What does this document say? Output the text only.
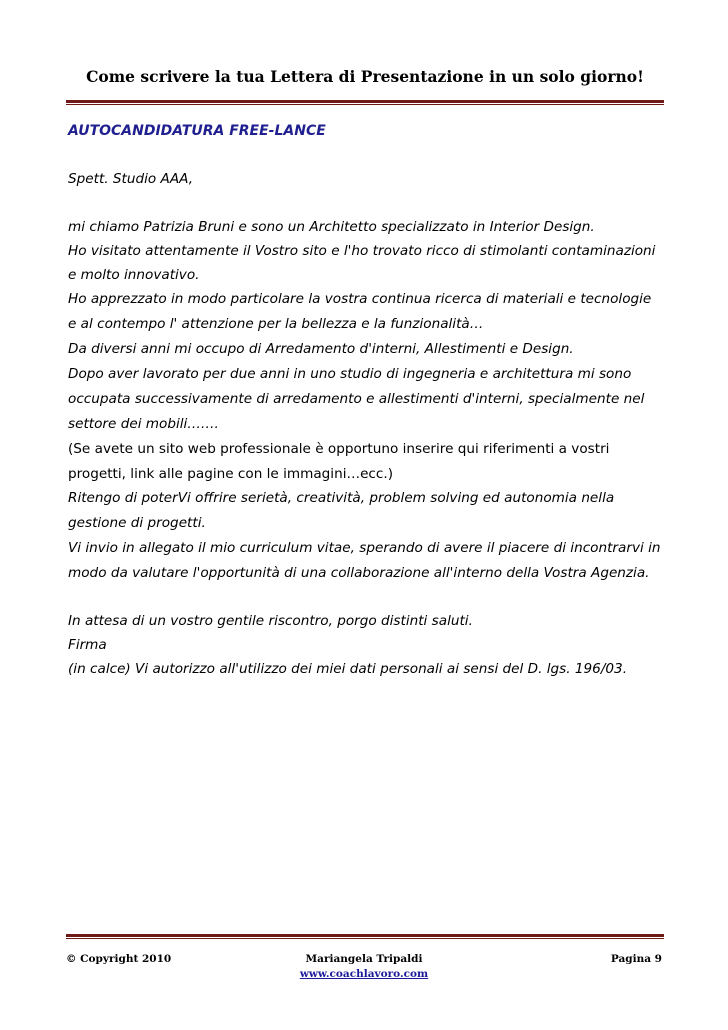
Come scrivere la tua Lettera di Presentazione in un solo giorno!
AUTOCANDIDATURA FREE-LANCE
Spett. Studio AAA,
mi chiamo Patrizia Bruni e sono un Architetto specializzato in Interior Design.
Ho visitato attentamente il Vostro sito e l'ho trovato ricco di stimolanti contaminazioni
e molto innovativo.
Ho apprezzato in modo particolare la vostra continua ricerca di materiali e tecnologie
e al contempo l' attenzione per la bellezza e la funzionalità…
Da diversi anni mi occupo di Arredamento d'interni, Allestimenti e Design.
Dopo aver lavorato per due anni in uno studio di ingegneria e architettura mi sono
occupata successivamente di arredamento e allestimenti d'interni, specialmente nel
settore dei mobili…….
(Se avete un sito web professionale è opportuno inserire qui riferimenti a vostri
progetti, link alle pagine con le immagini…ecc.)
Ritengo di poterVi offrire serietà, creatività, problem solving ed autonomia nella
gestione di progetti.
Vi invio in allegato il mio curriculum vitae, sperando di avere il piacere di incontrarvi in
modo da valutare l'opportunità di una collaborazione all'interno della Vostra Agenzia.
In attesa di un vostro gentile riscontro, porgo distinti saluti.
Firma
(in calce) Vi autorizzo all'utilizzo dei miei dati personali ai sensi del D. lgs. 196/03.
© Copyright 2010	Mariangela Tripaldi	Pagina 9
www.coachlavoro.com
